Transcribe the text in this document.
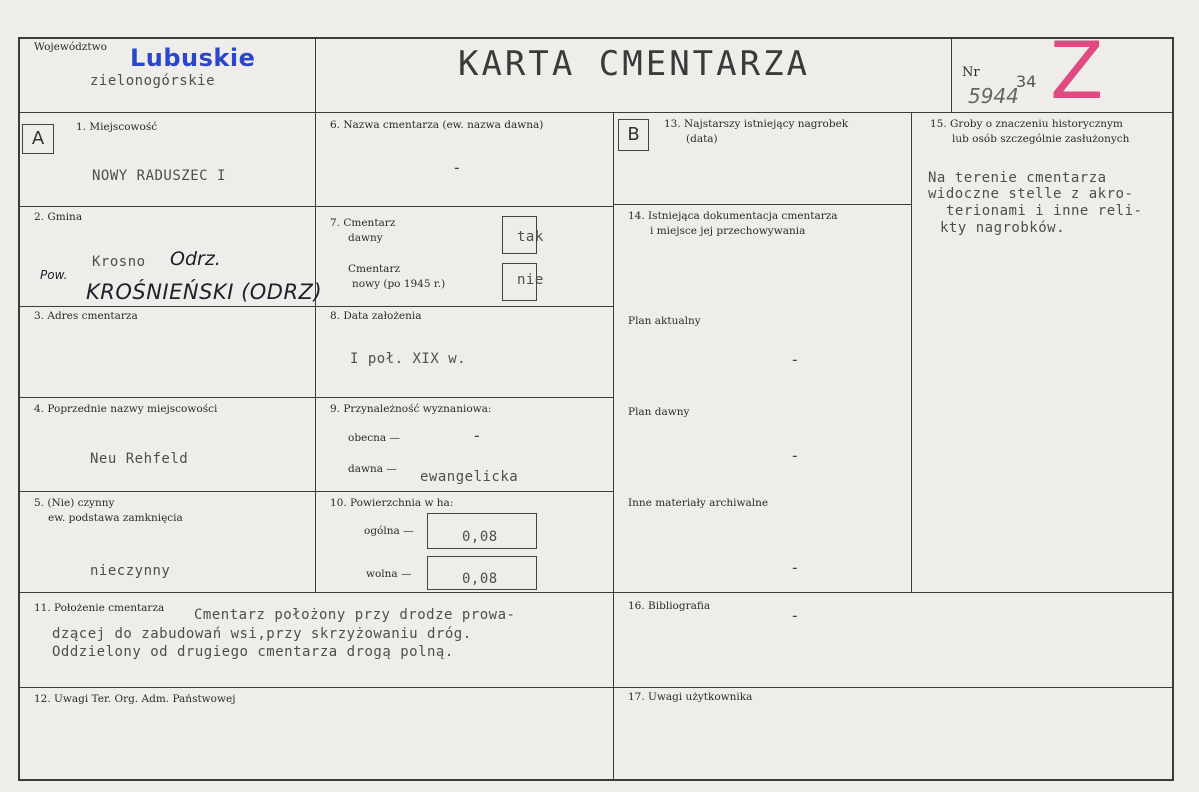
Województwo Lubuskie
zielonogórskie	KARTA CMENTARZA	Nr 34
5944 Z
A
1. Miejscowość
NOWY RADUSZEC I
2. Gmina
Krosno Odrz.
Pow.
KROŚNIEŃSKI (ODRZ)
3. Adres cmentarza
4. Poprzednie nazwy miejscowości
Neu Rehfeld
5. (Nie) czynny
ew. podstawa zamknięcia
nieczynny
6. Nazwa cmentarza (ew. nazwa dawna)
-
7. Cmentarz
dawny	tak
Cmentarz
nowy (po 1945 r.)	nie
8. Data założenia
I poł. XIX w.
9. Przynależność wyznaniowa:
obecna —	-
dawna — ewangelicka
10. Powierzchnia w ha:
ogólna —	0,08
wolna —	0,08
11. Położenie cmentarza Cmentarz położony przy drodze prowa-
dzącej do zabudowań wsi,przy skrzyżowaniu dróg.
Oddzielony od drugiego cmentarza drogą polną.
12. Uwagi Ter. Org. Adm. Państwowej
B	13. Najstarszy istniejący nagrobek
(data)
14. Istniejąca dokumentacja cmentarza
i miejsce jej przechowywania
Plan aktualny
-
Plan dawny
-
Inne materiały archiwalne
-
15. Groby o znaczeniu historycznym
lub osób szczególnie zasłużonych
Na terenie cmentarza
widoczne stelle z akro-
terionami i inne reli-
kty nagrobków.
16. Bibliografia	-
17. Uwagi użytkownika
